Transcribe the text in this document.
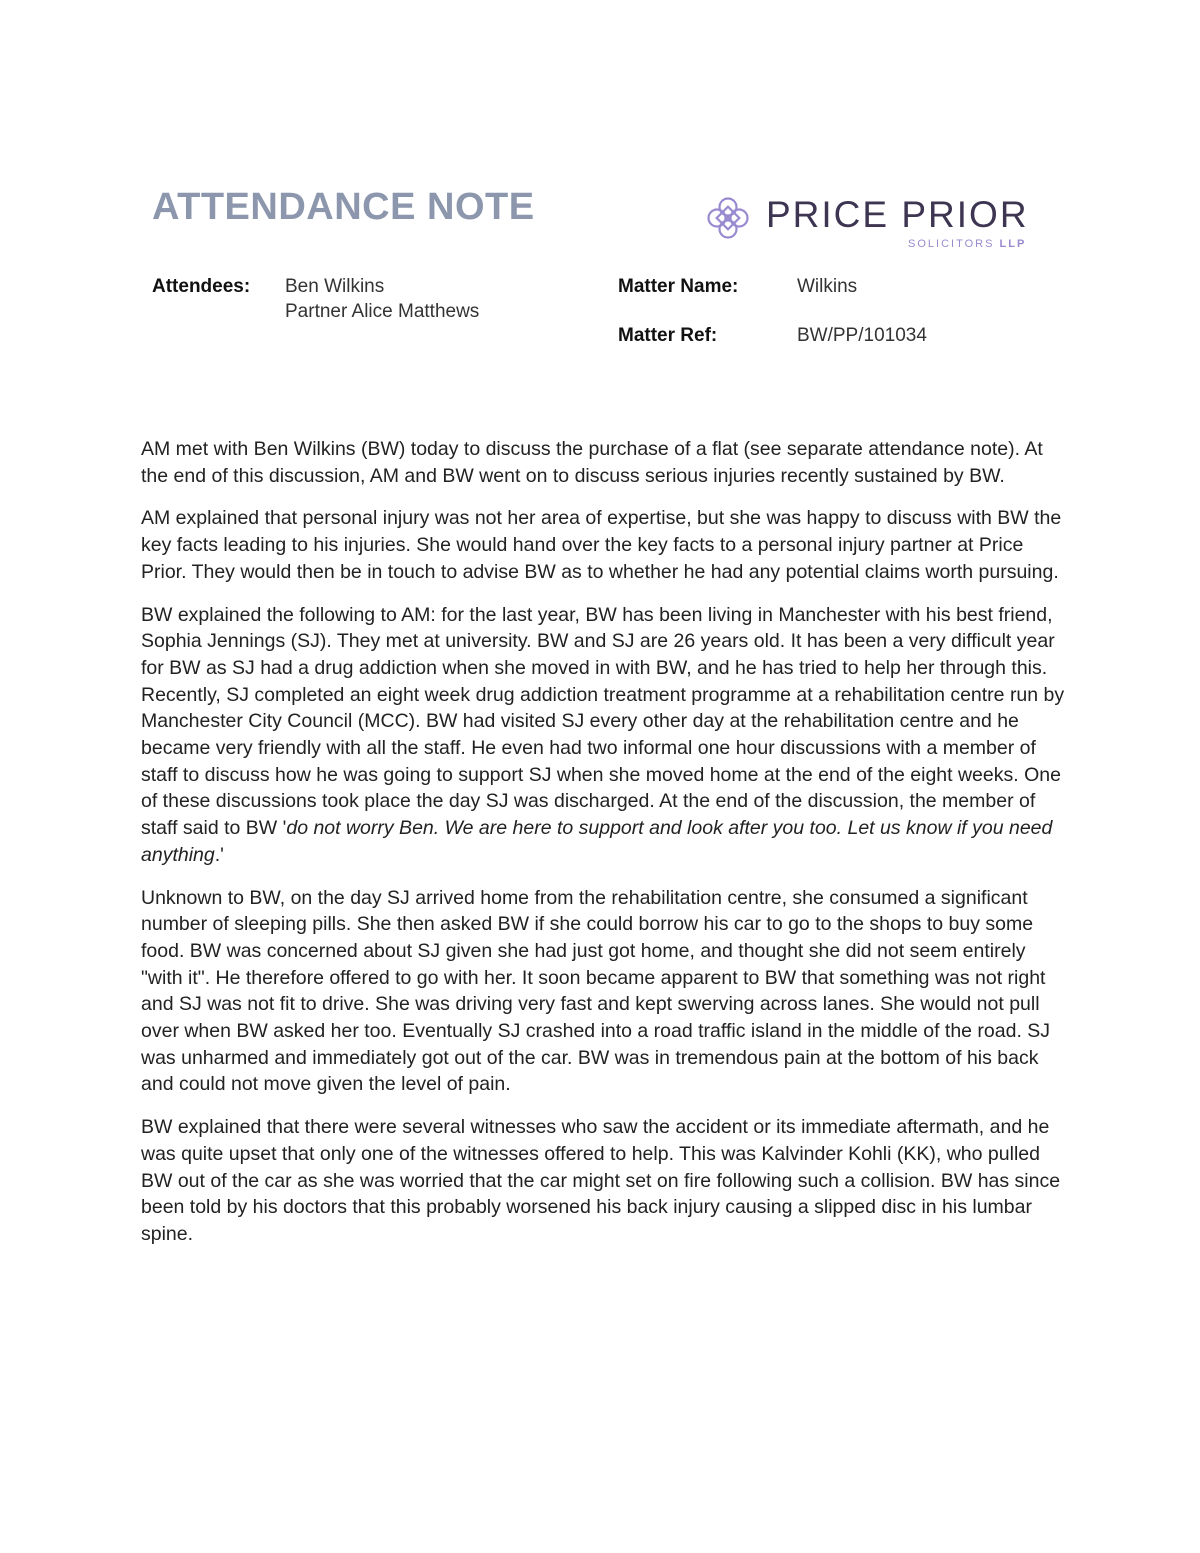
ATTENDANCE NOTE	PRICE PRIOR
SOLICITORS LLP
Attendees: Ben Wilkins
Partner Alice Matthews
Matter Name:	Wilkins
Matter Ref:	BW/PP/101034

AM met with Ben Wilkins (BW) today to discuss the purchase of a flat (see separate attendance note). At the end of this discussion, AM and BW went on to discuss serious injuries recently sustained by BW.

AM explained that personal injury was not her area of expertise, but she was happy to discuss with BW the key facts leading to his injuries. She would hand over the key facts to a personal injury partner at Price Prior. They would then be in touch to advise BW as to whether he had any potential claims worth pursuing.

BW explained the following to AM: for the last year, BW has been living in Manchester with his best friend, Sophia Jennings (SJ). They met at university. BW and SJ are 26 years old. It has been a very difficult year for BW as SJ had a drug addiction when she moved in with BW, and he has tried to help her through this. Recently, SJ completed an eight week drug addiction treatment programme at a rehabilitation centre run by Manchester City Council (MCC). BW had visited SJ every other day at the rehabilitation centre and he became very friendly with all the staff. He even had two informal one hour discussions with a member of staff to discuss how he was going to support SJ when she moved home at the end of the eight weeks. One of these discussions took place the day SJ was discharged. At the end of the discussion, the member of staff said to BW 'do not worry Ben. We are here to support and look after you too. Let us know if you need anything.'

Unknown to BW, on the day SJ arrived home from the rehabilitation centre, she consumed a significant number of sleeping pills. She then asked BW if she could borrow his car to go to the shops to buy some food. BW was concerned about SJ given she had just got home, and thought she did not seem entirely "with it". He therefore offered to go with her. It soon became apparent to BW that something was not right and SJ was not fit to drive. She was driving very fast and kept swerving across lanes. She would not pull over when BW asked her too. Eventually SJ crashed into a road traffic island in the middle of the road. SJ was unharmed and immediately got out of the car. BW was in tremendous pain at the bottom of his back and could not move given the level of pain.

BW explained that there were several witnesses who saw the accident or its immediate aftermath, and he was quite upset that only one of the witnesses offered to help. This was Kalvinder Kohli (KK), who pulled BW out of the car as she was worried that the car might set on fire following such a collision. BW has since been told by his doctors that this probably worsened his back injury causing a slipped disc in his lumbar spine.
